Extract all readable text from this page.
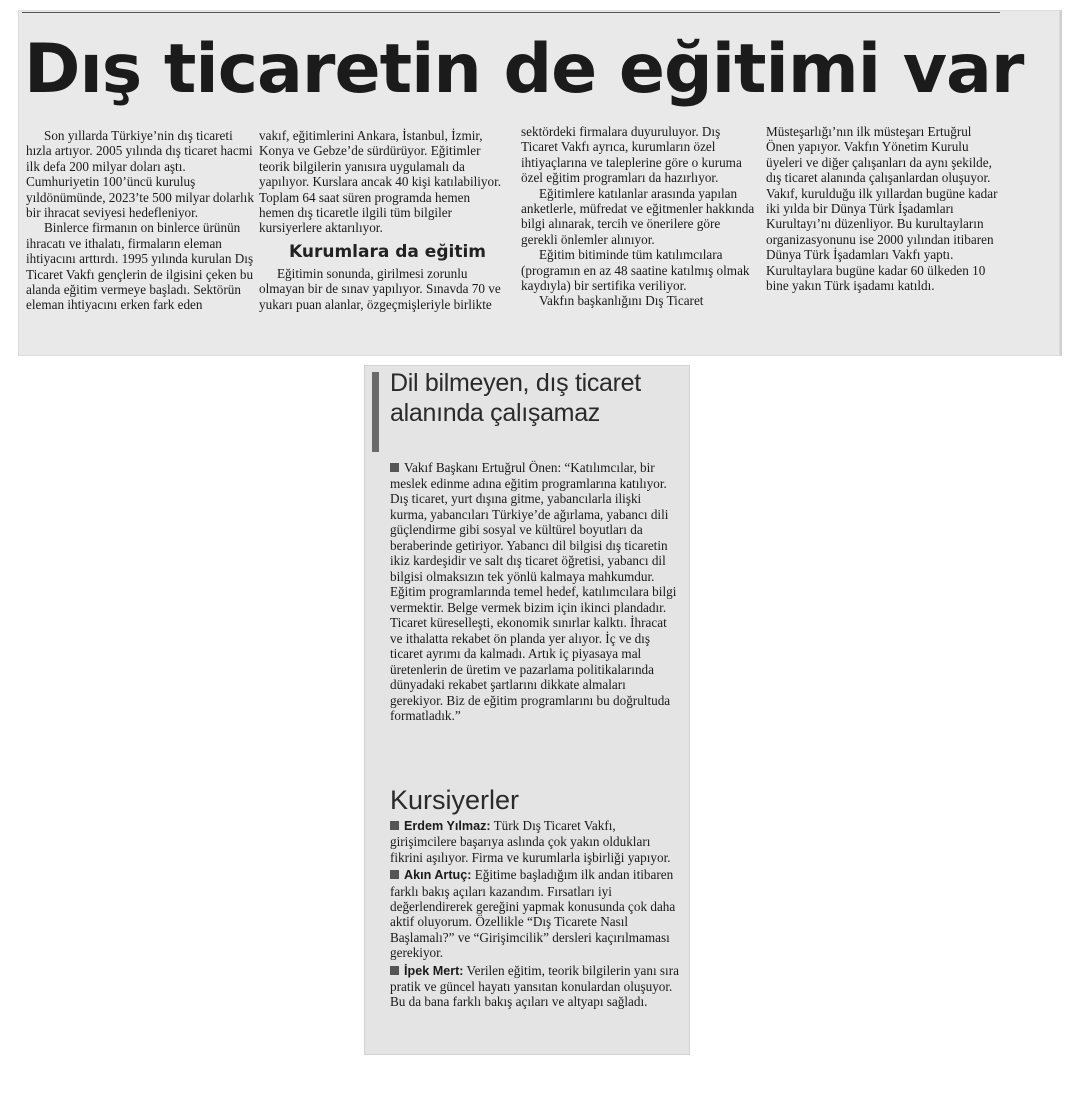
Dış ticaretin de eğitimi var

Son yıllarda Türkiye’nin dış ticareti hızla artıyor. 2005 yılında dış ticaret hacmi ilk defa 200 milyar doları aştı. Cumhuriyetin 100’üncü kuruluş yıldönümünde, 2023’te 500 milyar dolarlık bir ihracat seviyesi hedefleniyor.

Binlerce firmanın on binlerce ürünün ihracatı ve ithalatı, firmaların eleman ihtiyacını arttırdı. 1995 yılında kurulan Dış Ticaret Vakfı gençlerin de ilgisini çeken bu alanda eğitim vermeye başladı. Sektörün eleman ihtiyacını erken fark eden

vakıf, eğitimlerini Ankara, İstanbul, İzmir, Konya ve Gebze’de sürdürüyor. Eğitimler teorik bilgilerin yanısıra uygulamalı da yapılıyor. Kurslara ancak 40 kişi katılabiliyor. Toplam 64 saat süren programda hemen hemen dış ticaretle ilgili tüm bilgiler kursiyerlere aktarılıyor.

Kurumlara da eğitim

Eğitimin sonunda, girilmesi zorunlu olmayan bir de sınav yapılıyor. Sınavda 70 ve yukarı puan alanlar, özgeçmişleriyle birlikte

sektördeki firmalara duyuruluyor. Dış Ticaret Vakfı ayrıca, kurumların özel ihtiyaçlarına ve taleplerine göre o kuruma özel eğitim programları da hazırlıyor.

Eğitimlere katılanlar arasında yapılan anketlerle, müfredat ve eğitmenler hakkında bilgi alınarak, tercih ve önerilere göre gerekli önlemler alınıyor.

Eğitim bitiminde tüm katılımcılara (programın en az 48 saatine katılmış olmak kaydıyla) bir sertifika veriliyor.

Vakfın başkanlığını Dış Ticaret

Müsteşarlığı’nın ilk müsteşarı Ertuğrul Önen yapıyor. Vakfın Yönetim Kurulu üyeleri ve diğer çalışanları da aynı şekilde, dış ticaret alanında çalışanlardan oluşuyor. Vakıf, kurulduğu ilk yıllardan bugüne kadar iki yılda bir Dünya Türk İşadamları Kurultayı’nı düzenliyor. Bu kurultayların organizasyonunu ise 2000 yılından itibaren Dünya Türk İşadamları Vakfı yaptı. Kurultaylara bugüne kadar 60 ülkeden 10 bine yakın Türk işadamı katıldı.

Dil bilmeyen, dış ticaret alanında çalışamaz

Vakıf Başkanı Ertuğrul Önen: “Katılımcılar, bir meslek edinme adına eğitim programlarına katılıyor. Dış ticaret, yurt dışına gitme, yabancılarla ilişki kurma, yabancıları Türkiye’de ağırlama, yabancı dili güçlendirme gibi sosyal ve kültürel boyutları da beraberinde getiriyor. Yabancı dil bilgisi dış ticaretin ikiz kardeşidir ve salt dış ticaret öğretisi, yabancı dil bilgisi olmaksızın tek yönlü kalmaya mahkumdur. Eğitim programlarında temel hedef, katılımcılara bilgi vermektir. Belge vermek bizim için ikinci plandadır. Ticaret küreselleşti, ekonomik sınırlar kalktı. İhracat ve ithalatta rekabet ön planda yer alıyor. İç ve dış ticaret ayrımı da kalmadı. Artık iç piyasaya mal üretenlerin de üretim ve pazarlama politikalarında dünyadaki rekabet şartlarını dikkate almaları gerekiyor. Biz de eğitim programlarını bu doğrultuda formatladık.”

Kursiyerler

Erdem Yılmaz: Türk Dış Ticaret Vakfı, girişimcilere başarıya aslında çok yakın oldukları fikrini aşılıyor. Firma ve kurumlarla işbirliği yapıyor.

Akın Artuç: Eğitime başladığım ilk andan itibaren farklı bakış açıları kazandım. Fırsatları iyi değerlendirerek gereğini yapmak konusunda çok daha aktif oluyorum. Özellikle “Dış Ticarete Nasıl Başlamalı?” ve “Girişimcilik” dersleri kaçırılmaması gerekiyor.

İpek Mert: Verilen eğitim, teorik bilgilerin yanı sıra pratik ve güncel hayatı yansıtan konulardan oluşuyor. Bu da bana farklı bakış açıları ve altyapı sağladı.
